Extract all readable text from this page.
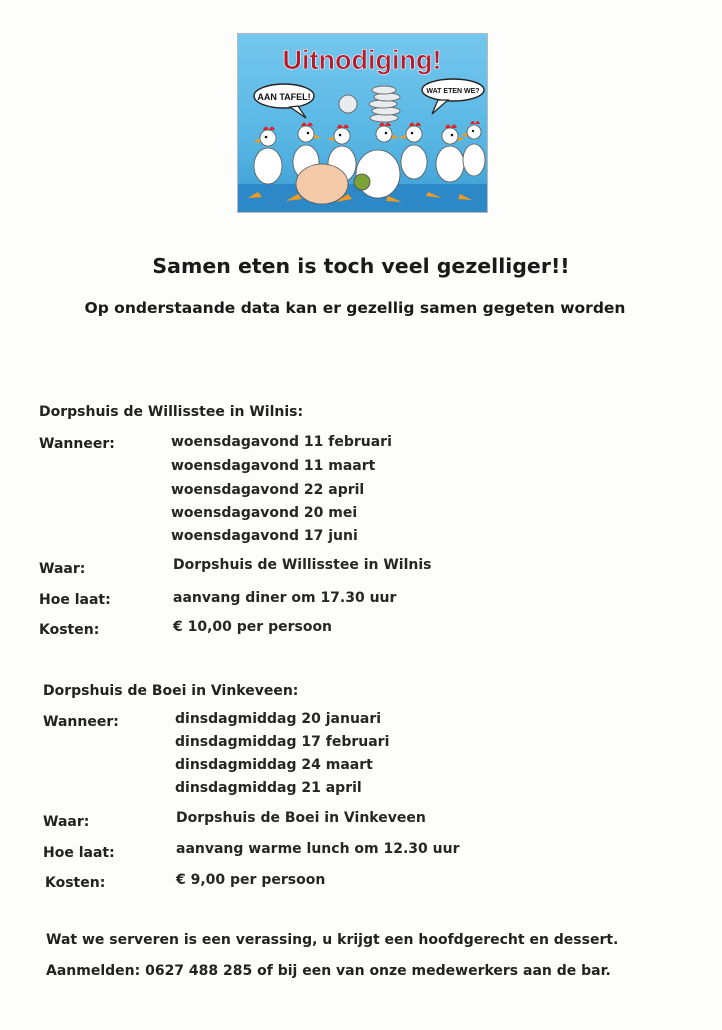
Uitnodiging!
AAN TAFEL!
WAT ETEN WE?
Samen eten is toch veel gezelliger!!
Op onderstaande data kan er gezellig samen gegeten worden
Dorpshuis de Willisstee in Wilnis:
Wanneer:	woensdagavond 11 februari
woensdagavond 11 maart
woensdagavond 22 april
woensdagavond 20 mei
woensdagavond 17 juni
Waar:	Dorpshuis de Willisstee in Wilnis
Hoe laat:	aanvang diner om 17.30 uur
Kosten:	€ 10,00 per persoon
Dorpshuis de Boei in Vinkeveen:
Wanneer:	dinsdagmiddag 20 januari
dinsdagmiddag 17 februari
dinsdagmiddag 24 maart
dinsdagmiddag 21 april
Waar:	Dorpshuis de Boei in Vinkeveen
Hoe laat:	aanvang warme lunch om 12.30 uur
Kosten:	€ 9,00 per persoon
Wat we serveren is een verassing, u krijgt een hoofdgerecht en dessert.
Aanmelden: 0627 488 285 of bij een van onze medewerkers aan de bar.
